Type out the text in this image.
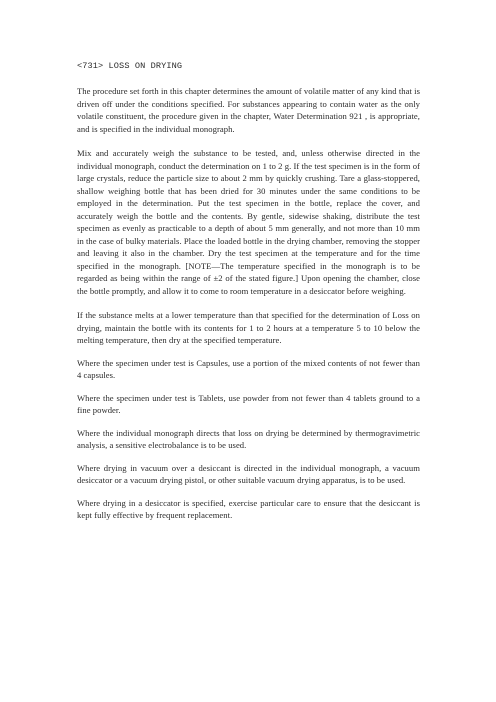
<731> LOSS ON DRYING

The procedure set forth in this chapter determines the amount of volatile matter of any kind that is driven off under the conditions specified. For substances appearing to contain water as the only volatile constituent, the procedure given in the chapter, Water Determination 921 , is appropriate, and is specified in the individual monograph.

Mix and accurately weigh the substance to be tested, and, unless otherwise directed in the individual monograph, conduct the determination on 1 to 2 g. If the test specimen is in the form of large crystals, reduce the particle size to about 2 mm by quickly crushing. Tare a glass-stoppered, shallow weighing bottle that has been dried for 30 minutes under the same conditions to be employed in the determination. Put the test specimen in the bottle, replace the cover, and accurately weigh the bottle and the contents. By gentle, sidewise shaking, distribute the test specimen as evenly as practicable to a depth of about 5 mm generally, and not more than 10 mm in the case of bulky materials. Place the loaded bottle in the drying chamber, removing the stopper and leaving it also in the chamber. Dry the test specimen at the temperature and for the time specified in the monograph. [NOTE—The temperature specified in the monograph is to be regarded as being within the range of ±2 of the stated figure.] Upon opening the chamber, close the bottle promptly, and allow it to come to room temperature in a desiccator before weighing.

If the substance melts at a lower temperature than that specified for the determination of Loss on drying, maintain the bottle with its contents for 1 to 2 hours at a temperature 5 to 10 below the melting temperature, then dry at the specified temperature.

Where the specimen under test is Capsules, use a portion of the mixed contents of not fewer than 4 capsules.

Where the specimen under test is Tablets, use powder from not fewer than 4 tablets ground to a fine powder.

Where the individual monograph directs that loss on drying be determined by thermogravimetric analysis, a sensitive electrobalance is to be used.

Where drying in vacuum over a desiccant is directed in the individual monograph, a vacuum desiccator or a vacuum drying pistol, or other suitable vacuum drying apparatus, is to be used.

Where drying in a desiccator is specified, exercise particular care to ensure that the desiccant is kept fully effective by frequent replacement.
